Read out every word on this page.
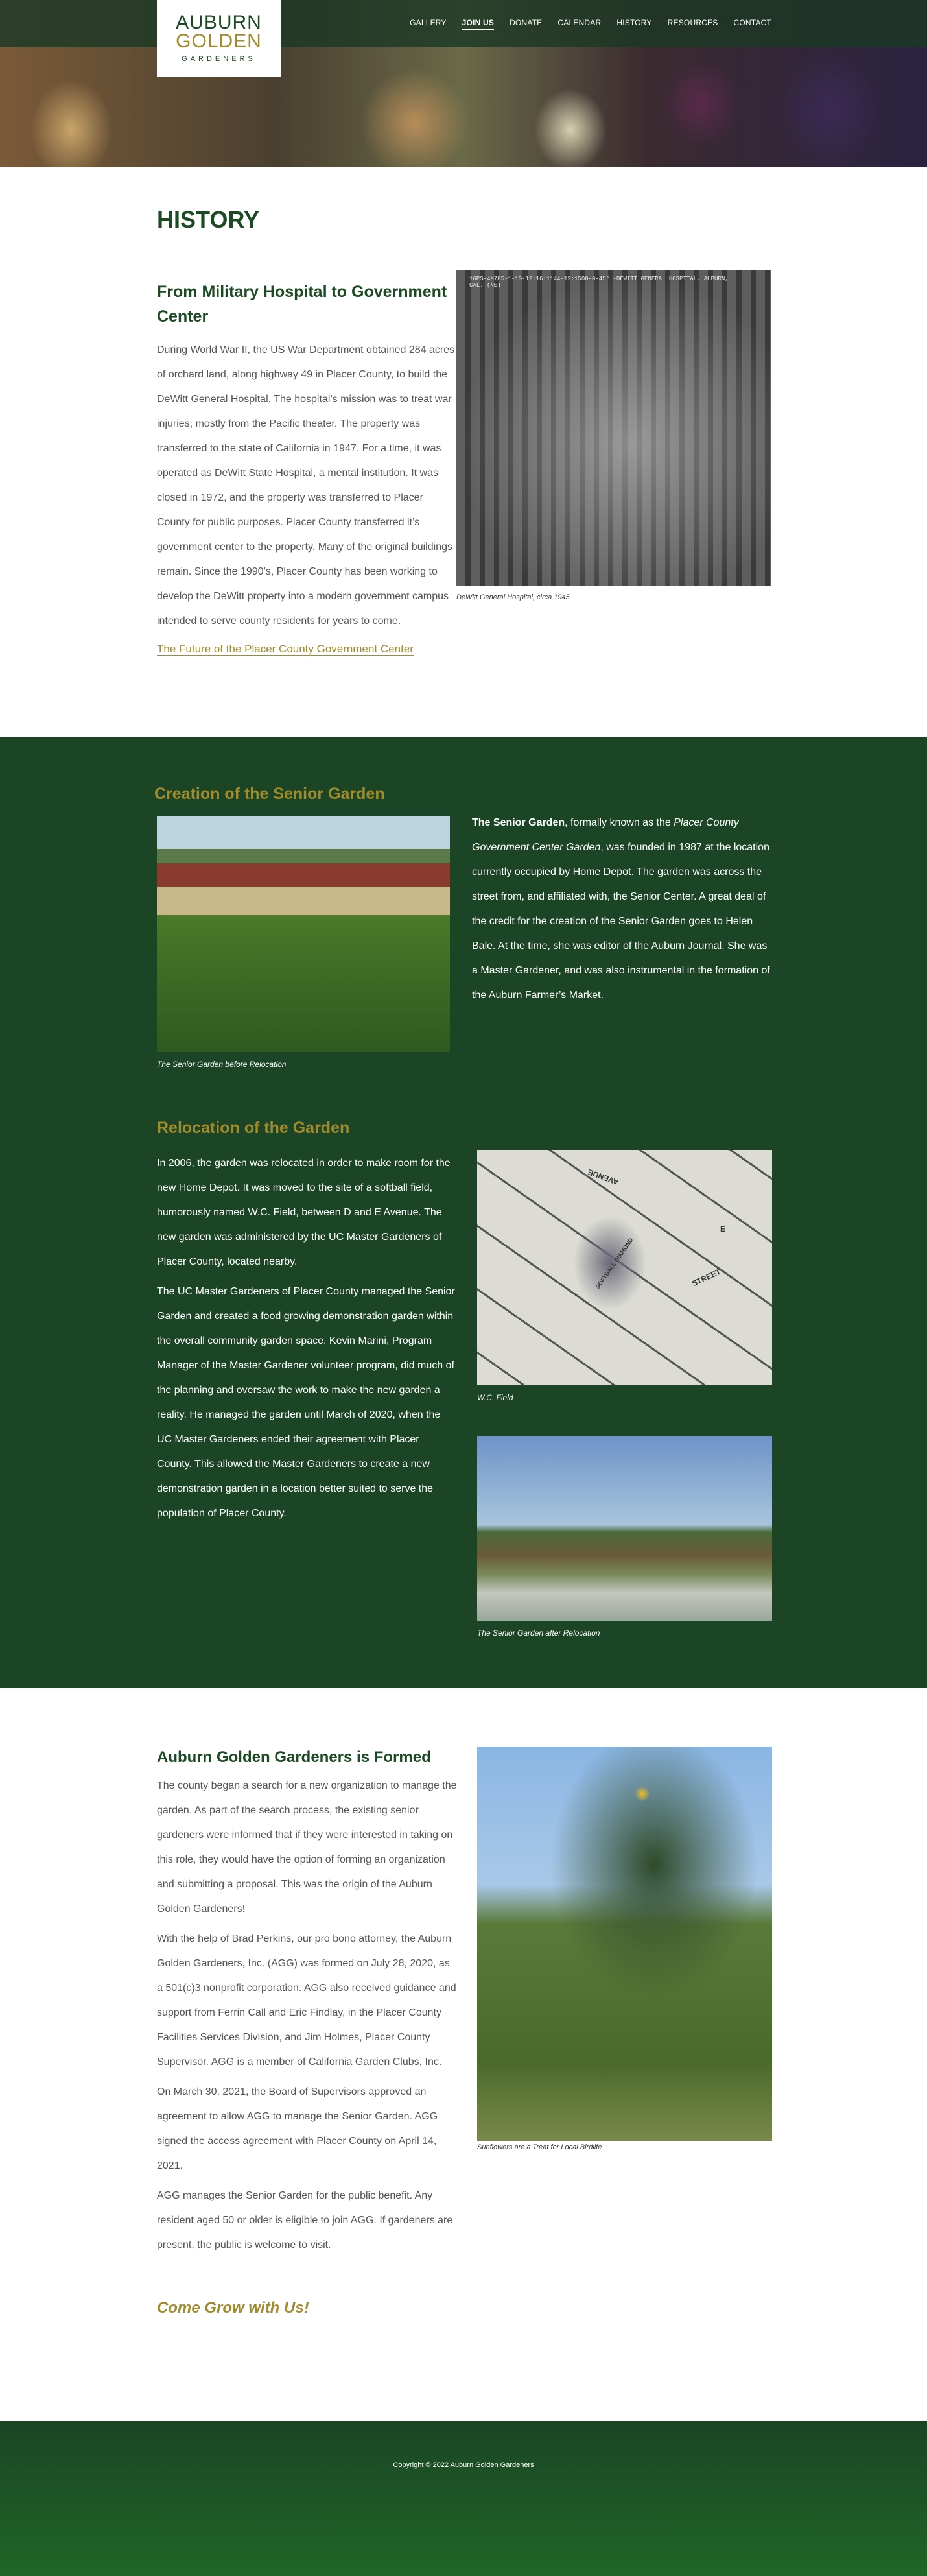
AUBURN
GOLDEN
GARDENERS
GALLERY JOIN US DONATE CALENDAR HISTORY RESOURCES CONTACT
HISTORY
From Military Hospital to Government Center

During World War II, the US War Department obtained 284 acres of orchard land, along highway 49 in Placer County, to build the DeWitt General Hospital. The hospital’s mission was to treat war injuries, mostly from the Pacific theater. The property was transferred to the state of California in 1947. For a time, it was operated as DeWitt State Hospital, a mental institution. It was closed in 1972, and the property was transferred to Placer County for public purposes. Placer County transferred it’s government center to the property. Many of the original buildings remain. Since the 1990’s, Placer County has been working to develop the DeWitt property into a modern government campus intended to serve county residents for years to come.

The Future of the Placer County Government Center
16PS-4M785-1-10-12:16:1144-12:1500-0-45° -DEWITT GENERAL HOSPITAL, AUBURN, CAL. (NE)
DeWitt General Hospital, circa 1945
Creation of the Senior Garden
The Senior Garden before Relocation

The Senior Garden, formally known as the Placer County Government Center Garden, was founded in 1987 at the location currently occupied by Home Depot. The garden was across the street from, and affiliated with, the Senior Center. A great deal of the credit for the creation of the Senior Garden goes to Helen Bale. At the time, she was editor of the Auburn Journal. She was a Master Gardener, and was also instrumental in the formation of the Auburn Farmer’s Market.

Relocation of the Garden

In 2006, the garden was relocated in order to make room for the new Home Depot. It was moved to the site of a softball field, humorously named W.C. Field, between D and E Avenue. The new garden was administered by the UC Master Gardeners of Placer County, located nearby.

The UC Master Gardeners of Placer County managed the Senior Garden and created a food growing demonstration garden within the overall community garden space. Kevin Marini, Program Manager of the Master Gardener volunteer program, did much of the planning and oversaw the work to make the new garden a reality. He managed the garden until March of 2020, when the UC Master Gardeners ended their agreement with Placer County. This allowed the Master Gardeners to create a new demonstration garden in a location better suited to serve the population of Placer County.

AVENUE
STREET
SOFTBALL DIAMOND
E
W.C. Field
The Senior Garden after Relocation
Auburn Golden Gardeners is Formed

The county began a search for a new organization to manage the garden. As part of the search process, the existing senior gardeners were informed that if they were interested in taking on this role, they would have the option of forming an organization and submitting a proposal. This was the origin of the Auburn Golden Gardeners!

With the help of Brad Perkins, our pro bono attorney, the Auburn Golden Gardeners, Inc. (AGG) was formed on July 28, 2020, as a 501(c)3 nonprofit corporation. AGG also received guidance and support from Ferrin Call and Eric Findlay, in the Placer County Facilities Services Division, and Jim Holmes, Placer County Supervisor. AGG is a member of California Garden Clubs, Inc.

On March 30, 2021, the Board of Supervisors approved an agreement to allow AGG to manage the Senior Garden. AGG signed the access agreement with Placer County on April 14, 2021.

AGG manages the Senior Garden for the public benefit. Any resident aged 50 or older is eligible to join AGG. If gardeners are present, the public is welcome to visit.

Come Grow with Us!
Sunflowers are a Treat for Local Birdlife
Copyright © 2022 Auburn Golden Gardeners
